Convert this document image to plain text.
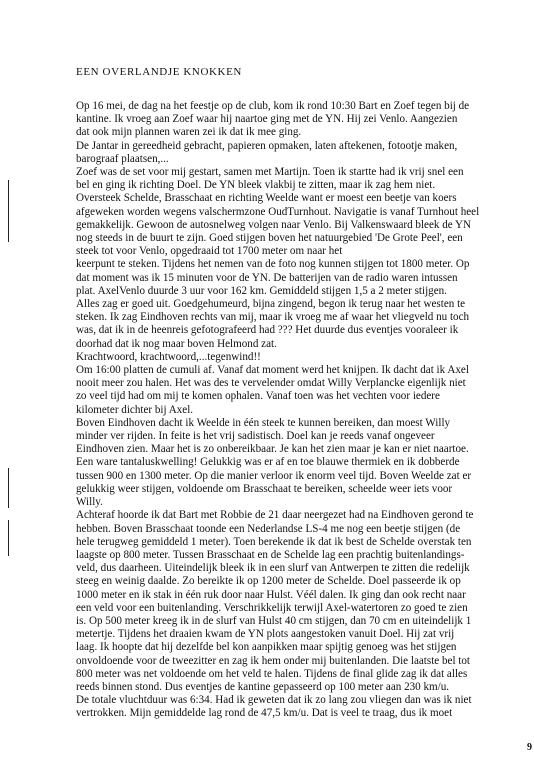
EEN OVERLANDJE KNOKKEN
Op 16 mei, de dag na het feestje op de club, kom ik rond 10:30 Bart en Zoef tegen bij de
kantine. Ik vroeg aan Zoef waar hij naartoe ging met de YN. Hij zei Venlo. Aangezien
dat ook mijn plannen waren zei ik dat ik mee ging.
De Jantar in gereedheid gebracht, papieren opmaken, laten aftekenen, fotootje maken,
barograaf plaatsen,...
Zoef was de set voor mij gestart, samen met Martijn. Toen ik startte had ik vrij snel een
bel en ging ik richting Doel. De YN bleek vlakbij te zitten, maar ik zag hem niet.
Oversteek Schelde, Brasschaat en richting Weelde want er moest een beetje van koers
afgeweken worden wegens valschermzone OudTurnhout. Navigatie is vanaf Turnhout heel
gemakkelijk. Gewoon de autosnelweg volgen naar Venlo. Bij Valkenswaard bleek de YN
nog steeds in de buurt te zijn. Goed stijgen boven het natuurgebied 'De Grote Peel', een
steek tot voor Venlo, opgedraaid tot 1700 meter om naar het
keerpunt te steken. Tijdens het nemen van de foto nog kunnen stijgen tot 1800 meter. Op
dat moment was ik 15 minuten voor de YN. De batterijen van de radio waren intussen
plat. AxelVenlo duurde 3 uur voor 162 km. Gemiddeld stijgen 1,5 a 2 meter stijgen.
Alles zag er goed uit. Goedgehumeurd, bijna zingend, begon ik terug naar het westen te
steken. Ik zag Eindhoven rechts van mij, maar ik vroeg me af waar het vliegveld nu toch
was, dat ik in de heenreis gefotografeerd had ??? Het duurde dus eventjes vooraleer ik
doorhad dat ik nog maar boven Helmond zat.
Krachtwoord, krachtwoord,...tegenwind!!
Om 16:00 platten de cumuli af. Vanaf dat moment werd het knijpen. Ik dacht dat ik Axel
nooit meer zou halen. Het was des te vervelender omdat Willy Verplancke eigenlijk niet
zo veel tijd had om mij te komen ophalen. Vanaf toen was het vechten voor iedere
kilometer dichter bij Axel.
Boven Eindhoven dacht ik Weelde in één steek te kunnen bereiken, dan moest Willy
minder ver rijden. In feite is het vrij sadistisch. Doel kan je reeds vanaf ongeveer
Eindhoven zien. Maar het is zo onbereikbaar. Je kan het zien maar je kan er niet naartoe.
Een ware tantaluskwelling! Gelukkig was er af en toe blauwe thermiek en ik dobberde
tussen 900 en 1300 meter. Op die manier verloor ik enorm veel tijd. Boven Weelde zat er
gelukkig weer stijgen, voldoende om Brasschaat te bereiken, scheelde weer iets voor
Willy.
Achteraf hoorde ik dat Bart met Robbie de 21 daar neergezet had na Eindhoven gerond te
hebben. Boven Brasschaat toonde een Nederlandse LS-4 me nog een beetje stijgen (de
hele terugweg gemiddeld 1 meter). Toen berekende ik dat ik best de Schelde overstak ten
laagste op 800 meter. Tussen Brasschaat en de Schelde lag een prachtig buitenlandings-
veld, dus daarheen. Uiteindelijk bleek ik in een slurf van Antwerpen te zitten die redelijk
steeg en weinig daalde. Zo bereikte ik op 1200 meter de Schelde. Doel passeerde ik op
1000 meter en ik stak in één ruk door naar Hulst. Véél dalen. Ik ging dan ook recht naar
een veld voor een buitenlanding. Verschrikkelijk terwijl Axel-watertoren zo goed te zien
is. Op 500 meter kreeg ik in de slurf van Hulst 40 cm stijgen, dan 70 cm en uiteindelijk 1
metertje. Tijdens het draaien kwam de YN plots aangestoken vanuit Doel. Hij zat vrij
laag. Ik hoopte dat hij dezelfde bel kon aanpikken maar spijtig genoeg was het stijgen
onvoldoende voor de tweezitter en zag ik hem onder mij buitenlanden. Die laatste bel tot
800 meter was net voldoende om het veld te halen. Tijdens de final glide zag ik dat alles
reeds binnen stond. Dus eventjes de kantine gepasseerd op 100 meter aan 230 km/u.
De totale vluchtduur was 6:34. Had ik geweten dat ik zo lang zou vliegen dan was ik niet
vertrokken. Mijn gemiddelde lag rond de 47,5 km/u. Dat is veel te traag, dus ik moet
9
